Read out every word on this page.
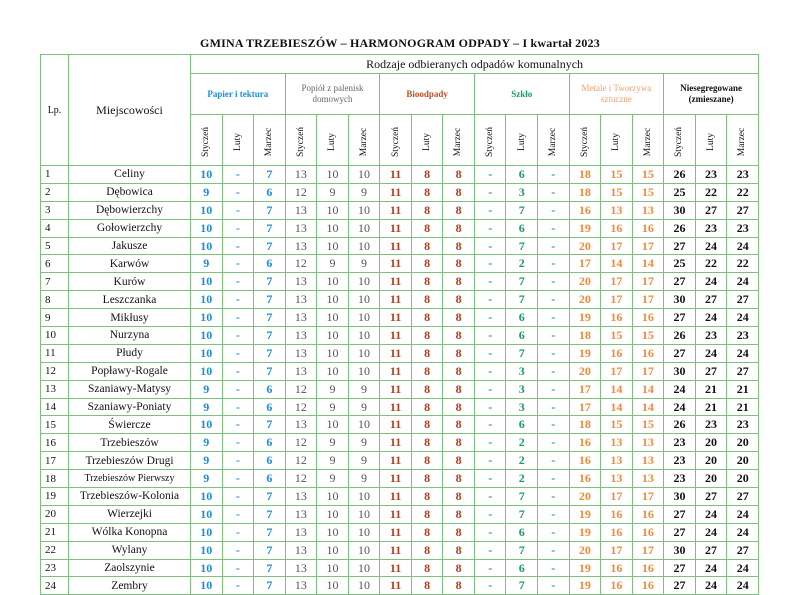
GMINA TRZEBIESZÓW – HARMONOGRAM ODPADY – I kwartał 2023
Lp.	Miejscowości	Rodzaje odbieranych odpadów komunalnych																	
		Papier i tektura			Popiół z palenisk domowych			Bioodpady			Szkło			Metale i Tworzywa sztuczne			Niesegregowane (zmieszane)		
		Styczeń	Luty	Marzec	Styczeń	Luty	Marzec	Styczeń	Luty	Marzec	Styczeń	Luty	Marzec	Styczeń	Luty	Marzec	Styczeń	Luty	Marzec
1	Celiny	10	-	7	13	10	10	11	8	8	-	6	-	18	15	15	26	23	23
2	Dębowica	9	-	6	12	9	9	11	8	8	-	3	-	18	15	15	25	22	22
3	Dębowierzchy	10	-	7	13	10	10	11	8	8	-	7	-	16	13	13	30	27	27
4	Gołowierzchy	10	-	7	13	10	10	11	8	8	-	6	-	19	16	16	26	23	23
5	Jakusze	10	-	7	13	10	10	11	8	8	-	7	-	20	17	17	27	24	24
6	Karwów	9	-	6	12	9	9	11	8	8	-	2	-	17	14	14	25	22	22
7	Kurów	10	-	7	13	10	10	11	8	8	-	7	-	20	17	17	27	24	24
8	Leszczanka	10	-	7	13	10	10	11	8	8	-	7	-	20	17	17	30	27	27
9	Mikłusy	10	-	7	13	10	10	11	8	8	-	6	-	19	16	16	27	24	24
10	Nurzyna	10	-	7	13	10	10	11	8	8	-	6	-	18	15	15	26	23	23
11	Płudy	10	-	7	13	10	10	11	8	8	-	7	-	19	16	16	27	24	24
12	Popławy-Rogale	10	-	7	13	10	10	11	8	8	-	3	-	20	17	17	30	27	27
13	Szaniawy-Matysy	9	-	6	12	9	9	11	8	8	-	3	-	17	14	14	24	21	21
14	Szaniawy-Poniaty	9	-	6	12	9	9	11	8	8	-	3	-	17	14	14	24	21	21
15	Świercze	10	-	7	13	10	10	11	8	8	-	6	-	18	15	15	26	23	23
16	Trzebieszów	9	-	6	12	9	9	11	8	8	-	2	-	16	13	13	23	20	20
17	Trzebieszów Drugi	9	-	6	12	9	9	11	8	8	-	2	-	16	13	13	23	20	20
18	Trzebieszów Pierwszy	9	-	6	12	9	9	11	8	8	-	2	-	16	13	13	23	20	20
19	Trzebieszów-Kolonia	10	-	7	13	10	10	11	8	8	-	7	-	20	17	17	30	27	27
20	Wierzejki	10	-	7	13	10	10	11	8	8	-	7	-	19	16	16	27	24	24
21	Wólka Konopna	10	-	7	13	10	10	11	8	8	-	6	-	19	16	16	27	24	24
22	Wylany	10	-	7	13	10	10	11	8	8	-	7	-	20	17	17	30	27	27
23	Zaolszynie	10	-	7	13	10	10	11	8	8	-	6	-	19	16	16	27	24	24
24	Zembry	10	-	7	13	10	10	11	8	8	-	7	-	19	16	16	27	24	24
